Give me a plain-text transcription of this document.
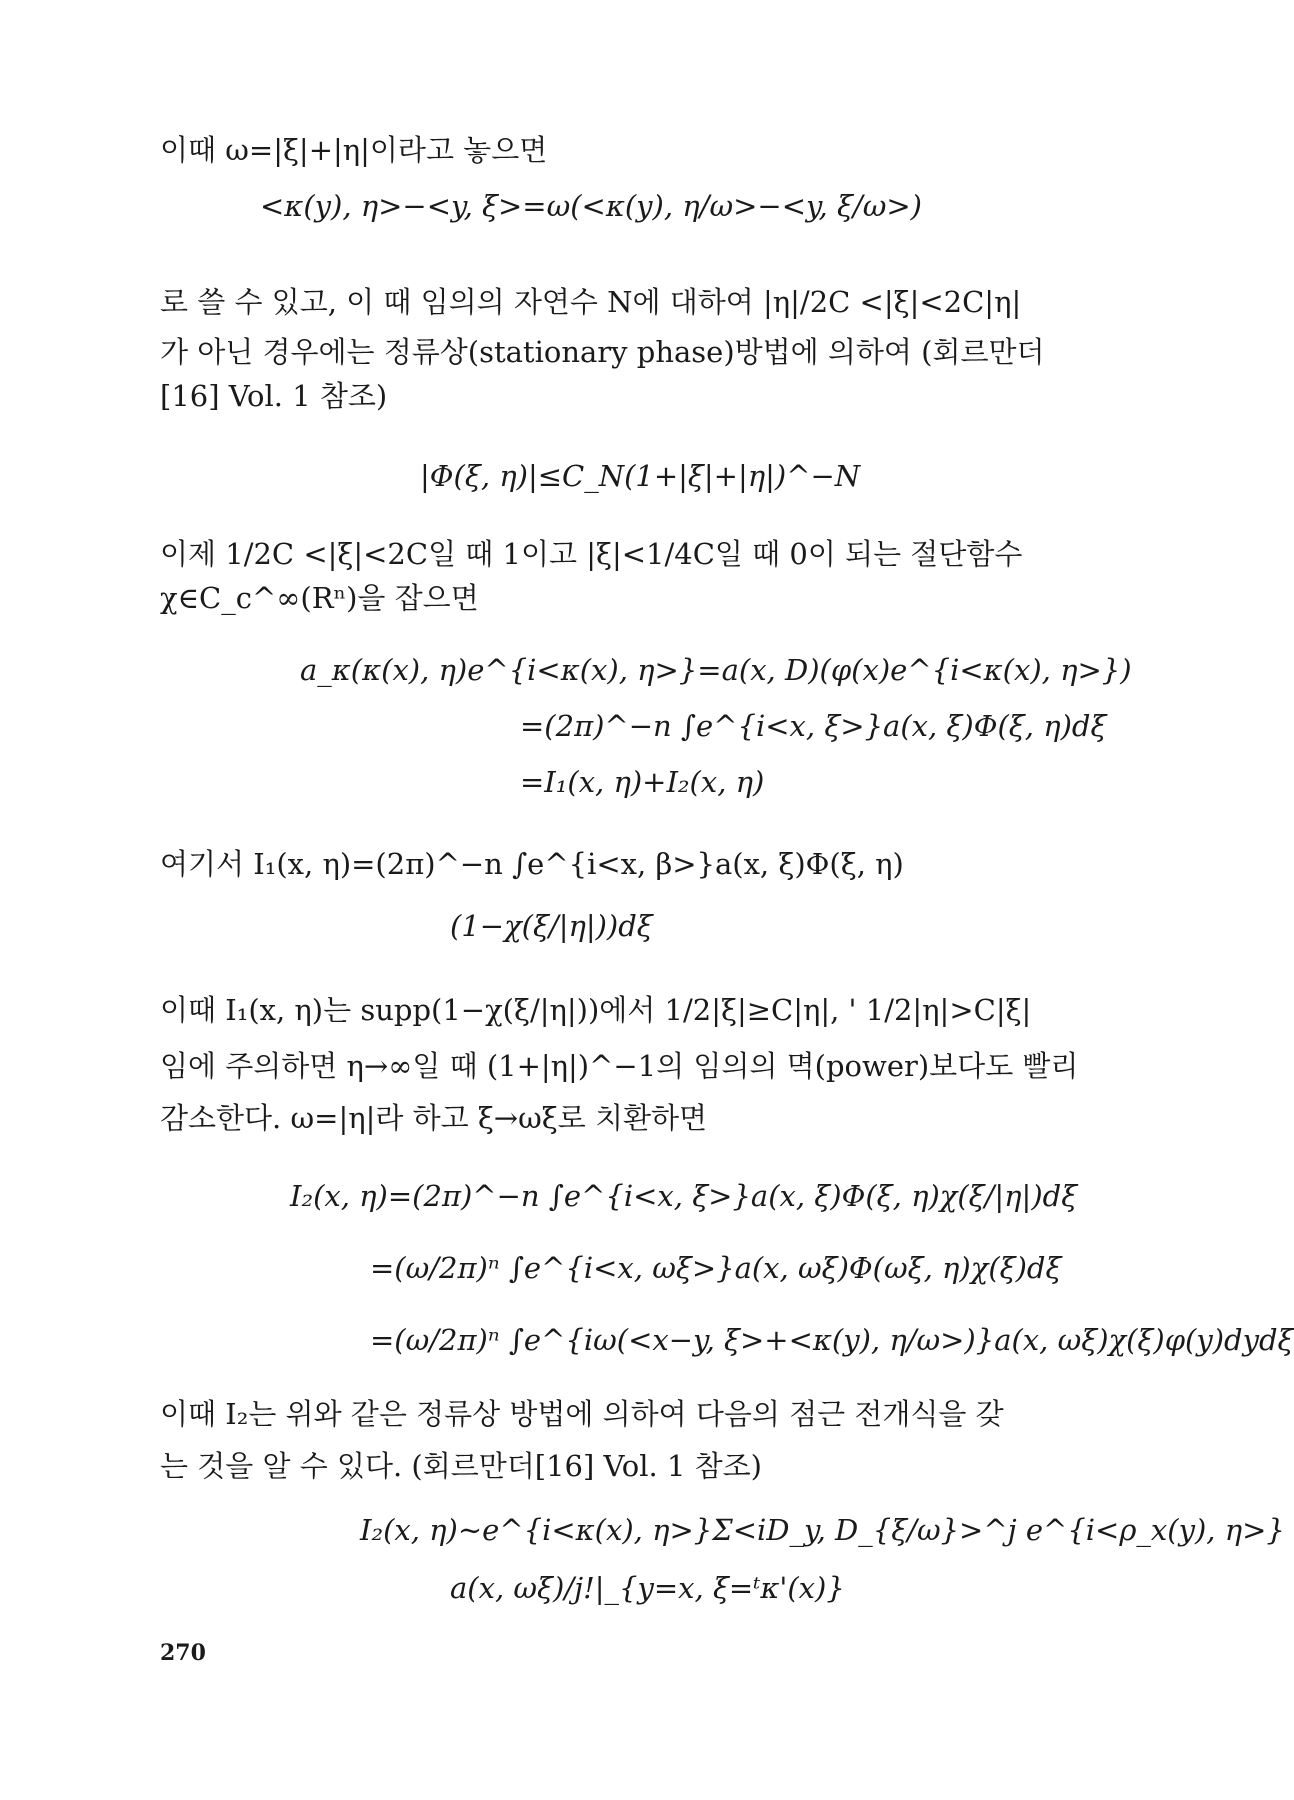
이때 ω=|ξ|+|η|이라고 놓으면

<κ(y), η>−<y, ξ>=ω(<κ(y), η/ω>−<y, ξ/ω>)

로 쓸 수 있고, 이 때 임의의 자연수 N에 대하여 |η|/2C <|ξ|<2C|η|

가 아닌 경우에는 정류상(stationary phase)방법에 의하여 (회르만더[16] Vol. 1 참조)

|Φ(ξ, η)|≤C_N(1+|ξ|+|η|)^−N

이제 1/2C <|ξ|<2C일 때 1이고 |ξ|<1/4C일 때 0이 되는 절단함수 χ∈C_c^∞(Rⁿ)을 잡으면

a_κ(κ(x), η)e^{i<κ(x), η>}=a(x, D)(φ(x)e^{i<κ(x), η>})
=(2π)^−n ∫e^{i<x, ξ>}a(x, ξ)Φ(ξ, η)dξ
=I₁(x, η)+I₂(x, η)

여기서 I₁(x, η)=(2π)^−n ∫e^{i<x, β>}a(x, ξ)Φ(ξ, η)

(1−χ(ξ/|η|))dξ

이때 I₁(x, η)는 supp(1−χ(ξ/|η|))에서 1/2|ξ|≥C|η|, ' 1/2|η|>C|ξ|

임에 주의하면 η→∞일 때 (1+|η|)^−1의 임의의 멱(power)보다도 빨리

감소한다. ω=|η|라 하고 ξ→ωξ로 치환하면

I₂(x, η)=(2π)^−n ∫e^{i<x, ξ>}a(x, ξ)Φ(ξ, η)χ(ξ/|η|)dξ
=(ω/2π)ⁿ ∫e^{i<x, ωξ>}a(x, ωξ)Φ(ωξ, η)χ(ξ)dξ
=(ω/2π)ⁿ ∫e^{iω(<x−y, ξ>+<κ(y), η/ω>)}a(x, ωξ)χ(ξ)φ(y)dydξ

이때 I₂는 위와 같은 정류상 방법에 의하여 다음의 점근 전개식을 갖

는 것을 알 수 있다. (회르만더[16] Vol. 1 참조)

I₂(x, η)∼e^{i<κ(x), η>}Σ<iD_y, D_{ξ/ω}>^j e^{i<ρ_x(y), η>}
a(x, ωξ)/j!|_{y=x, ξ=ᵗκ'(x)}
270
